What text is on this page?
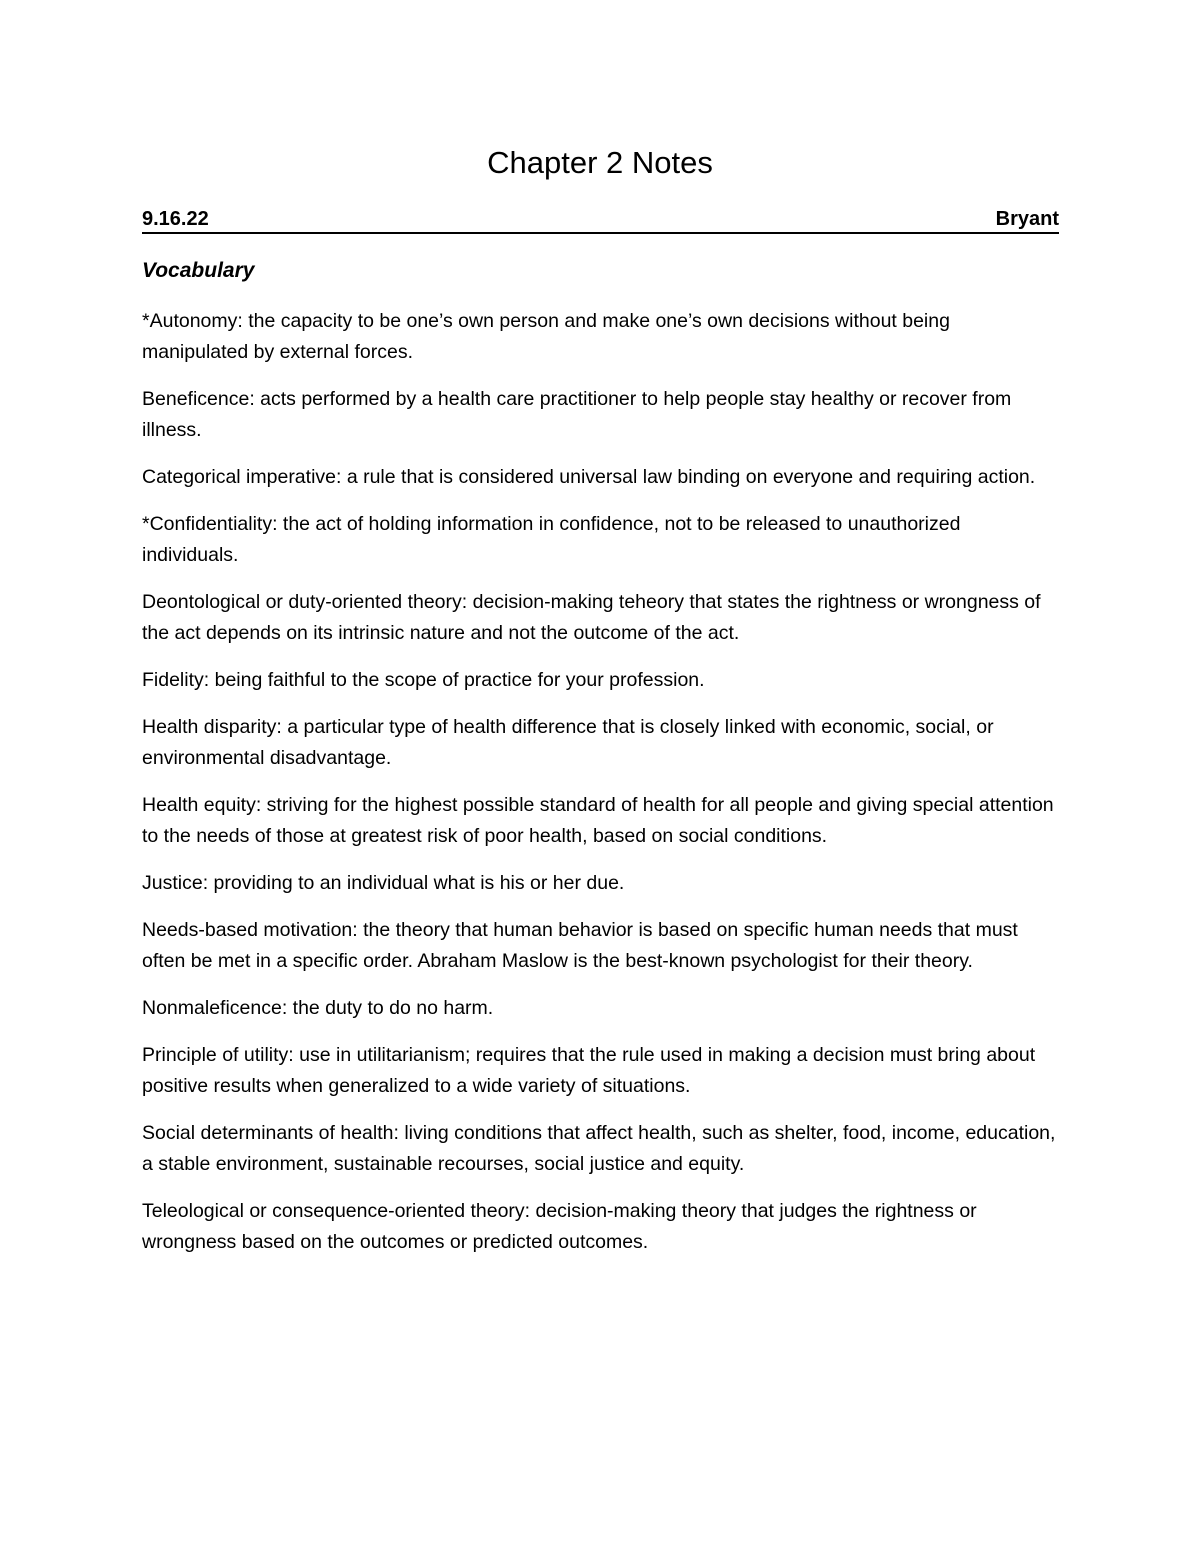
Chapter 2 Notes
9.16.22	Bryant
Vocabulary
*Autonomy: the capacity to be one’s own person and make one’s own decisions without being manipulated by external forces.
Beneficence: acts performed by a health care practitioner to help people stay healthy or recover from illness.
Categorical imperative: a rule that is considered universal law binding on everyone and requiring action.
*Confidentiality: the act of holding information in confidence, not to be released to unauthorized individuals.
Deontological or duty-oriented theory: decision-making teheory that states the rightness or wrongness of the act depends on its intrinsic nature and not the outcome of the act.
Fidelity: being faithful to the scope of practice for your profession.
Health disparity: a particular type of health difference that is closely linked with economic, social, or environmental disadvantage.
Health equity: striving for the highest possible standard of health for all people and giving special attention to the needs of those at greatest risk of poor health, based on social conditions.
Justice: providing to an individual what is his or her due.
Needs-based motivation: the theory that human behavior is based on specific human needs that must often be met in a specific order. Abraham Maslow is the best-known psychologist for their theory.
Nonmaleficence: the duty to do no harm.
Principle of utility: use in utilitarianism; requires that the rule used in making a decision must bring about positive results when generalized to a wide variety of situations.
Social determinants of health: living conditions that affect health, such as shelter, food, income, education, a stable environment, sustainable recourses, social justice and equity.
Teleological or consequence-oriented theory: decision-making theory that judges the rightness or wrongness based on the outcomes or predicted outcomes.
